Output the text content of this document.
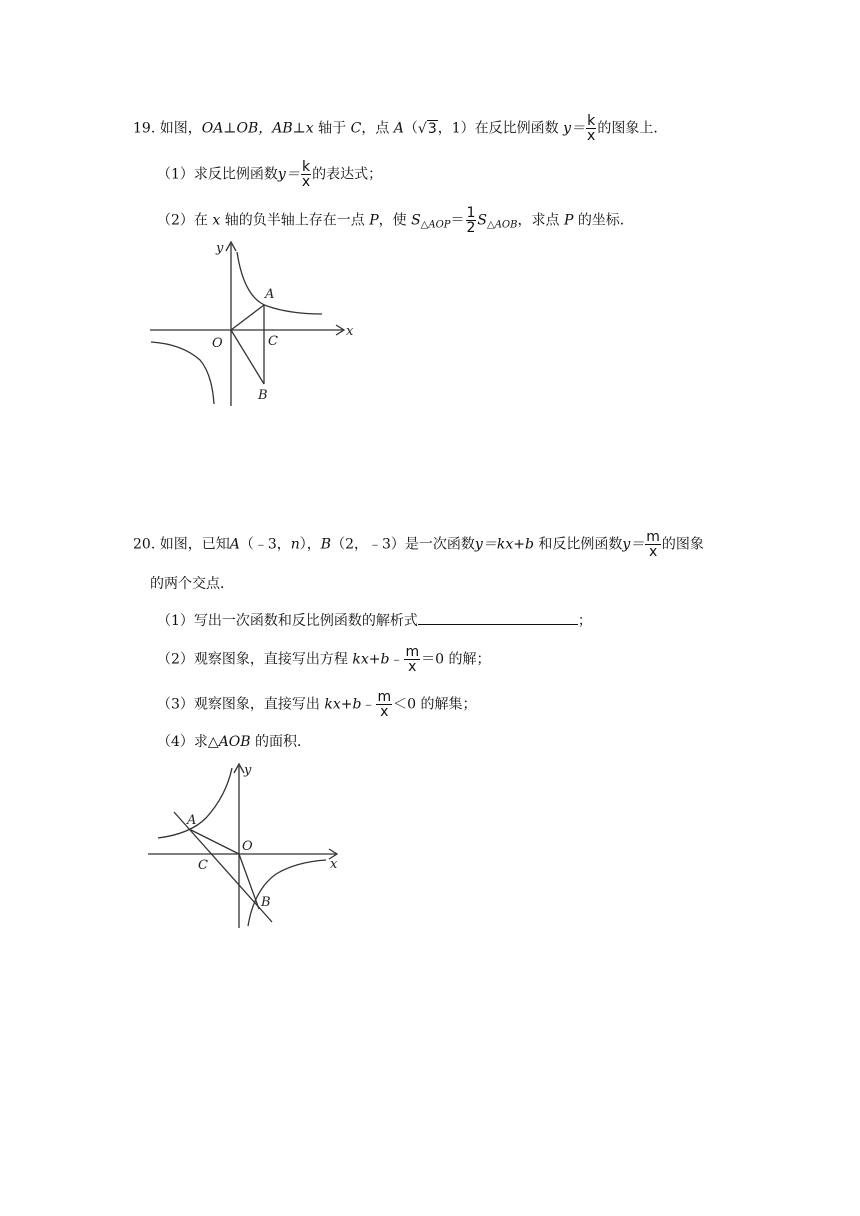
19. 如图，OA⊥OB，AB⊥x 轴于 C，点 A（√3，1）在反比例函数 $y= \frac{k}{x}$ 的图象上．
（1）求反比例函数$y= \frac{k}{x}$ 的表达式；
（2）在 x 轴的负半轴上存在一点 P，使 $S_{\triangle AOP}= \frac{1}{2} S_{\triangle AOB}$，求点 P 的坐标．
y
x
A
O	C
B
20. 如图，已知A（﹣3，n），B（2，﹣3）是一次函数y＝kx+b 和反比例函数$y= \frac{m}{x}$ 的图象
的两个交点．
（1）写出一次函数和反比例函数的解析式	；
（2）观察图象，直接写出方程 kx+b﹣ $\frac{m}{x} =0$ 的解；
（3）观察图象，直接写出 kx+b﹣ $\frac{m}{x} <0$ 的解集；
（4）求△AOB 的面积．
y
x
A
O
C
B
